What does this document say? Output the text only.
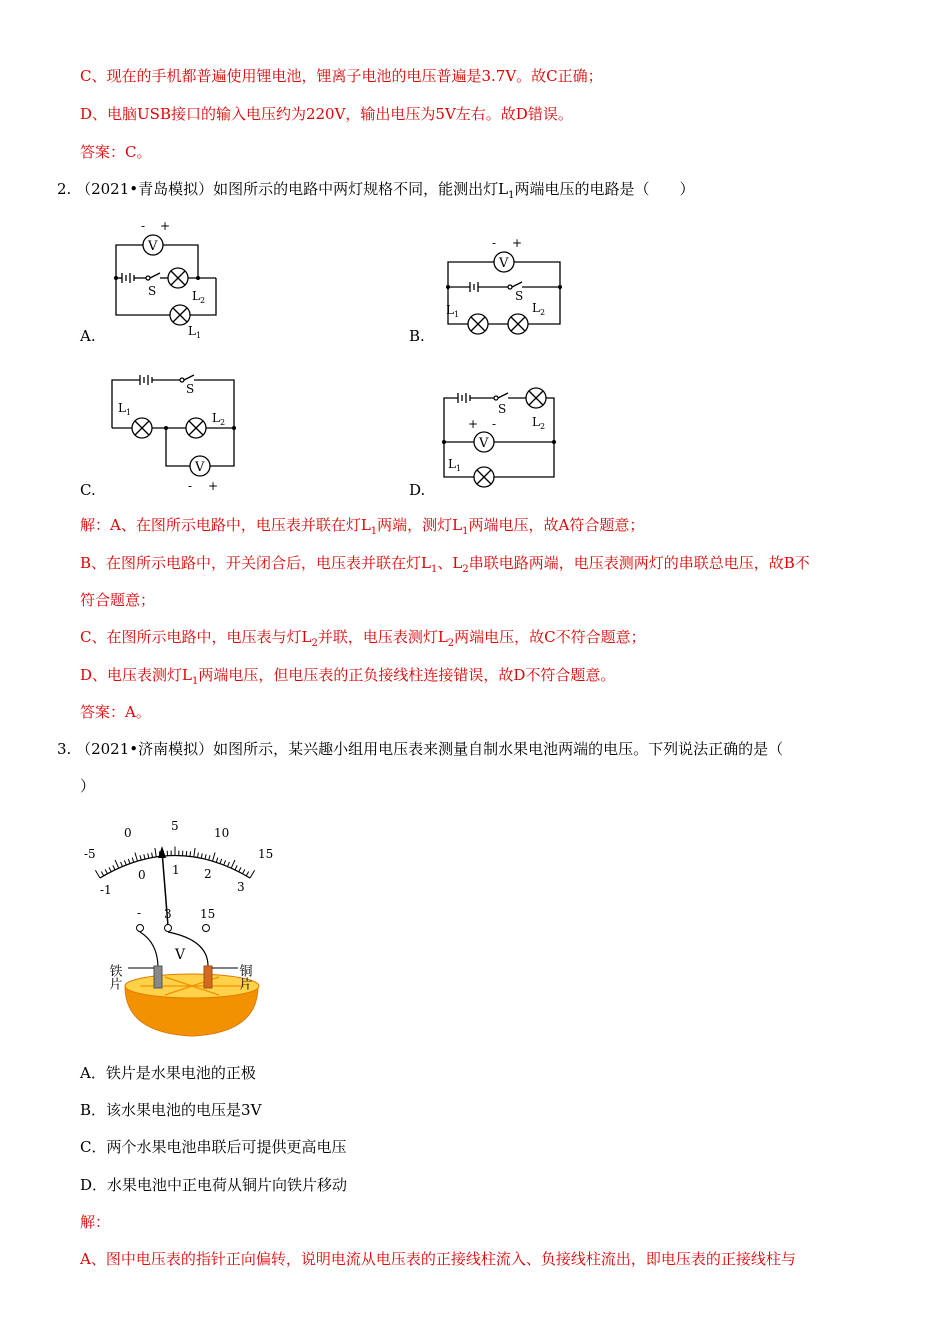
C、现在的手机都普遍使用锂电池，锂离子电池的电压普遍是3.7V。故C正确；
D、电脑USB接口的输入电压约为220V，输出电压为5V左右。故D错误。
答案：C。
2. （2021•青岛模拟）如图所示的电路中两灯规格不同，能测出灯$L_1$两端电压的电路是（　　）
V
- +
S	L 2
L 1
A.
V
- +
S
L 1	L 2
B.
V
- +
S
L 1	L 2
C.
V
+ -
S
L 1
L 2
D.
解：A、在图所示电路中，电压表并联在灯$L_1$两端，测灯$L_1$两端电压，故A符合题意；
B、在图所示电路中，开关闭合后，电压表并联在灯$L_1$、$L_2$串联电路两端，电压表测两灯的串联总电压，故B不
符合题意；
C、在图所示电路中，电压表与灯$L_2$并联，电压表测灯$L_2$两端电压，故C不符合题意；
D、电压表测灯$L_1$两端电压，但电压表的正负接线柱连接错误，故D不符合题意。
答案：A。
3. （2021•济南模拟）如图所示，某兴趣小组用电压表来测量自制水果电池两端的电压。下列说法正确的是（
）
-5
0	5	10
15
-1
0 1 2
3
- 3 15
V
铁片	铜片
A．铁片是水果电池的正极
B．该水果电池的电压是3V
C．两个水果电池串联后可提供更高电压
D．水果电池中正电荷从铜片向铁片移动
解：
A、图中电压表的指针正向偏转，说明电流从电压表的正接线柱流入、负接线柱流出，即电压表的正接线柱与
